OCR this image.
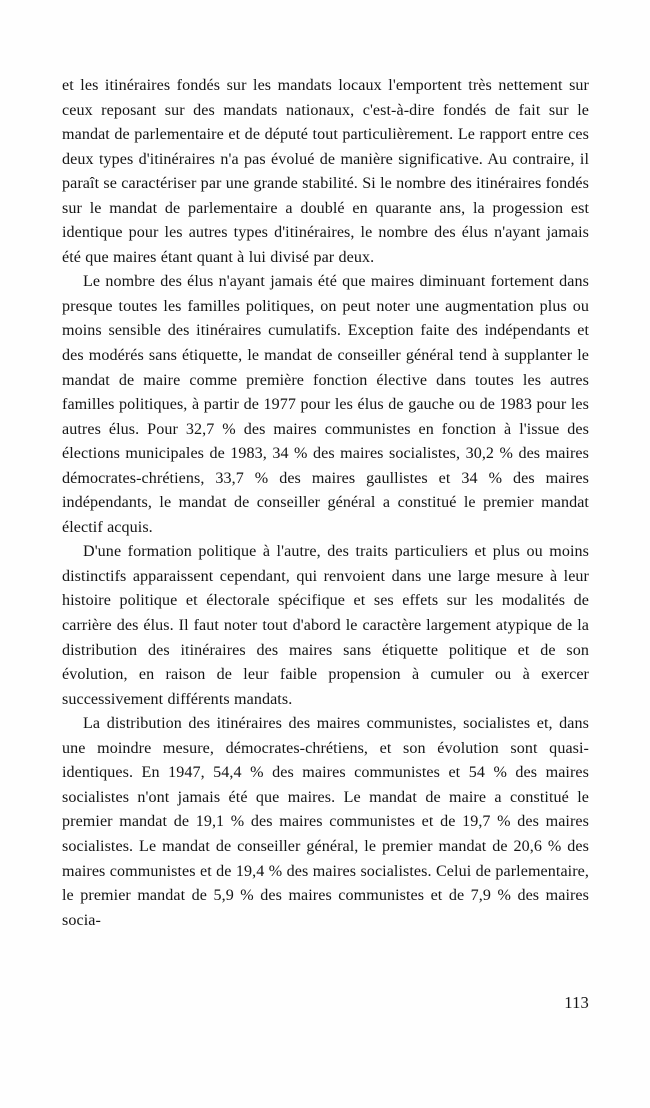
et les itinéraires fondés sur les mandats locaux l'emportent très nettement sur ceux reposant sur des mandats nationaux, c'est-à-dire fondés de fait sur le mandat de parlementaire et de député tout particulièrement. Le rapport entre ces deux types d'itinéraires n'a pas évolué de manière significative. Au contraire, il paraît se caractériser par une grande stabilité. Si le nombre des itinéraires fondés sur le mandat de parlementaire a doublé en quarante ans, la progession est identique pour les autres types d'itinéraires, le nombre des élus n'ayant jamais été que maires étant quant à lui divisé par deux.

Le nombre des élus n'ayant jamais été que maires diminuant fortement dans presque toutes les familles politiques, on peut noter une augmentation plus ou moins sensible des itinéraires cumulatifs. Exception faite des indépendants et des modérés sans étiquette, le mandat de conseiller général tend à supplanter le mandat de maire comme première fonction élective dans toutes les autres familles politiques, à partir de 1977 pour les élus de gauche ou de 1983 pour les autres élus. Pour 32,7 % des maires communistes en fonction à l'issue des élections municipales de 1983, 34 % des maires socialistes, 30,2 % des maires démocrates-chrétiens, 33,7 % des maires gaullistes et 34 % des maires indépendants, le mandat de conseiller général a constitué le premier mandat électif acquis.

D'une formation politique à l'autre, des traits particuliers et plus ou moins distinctifs apparaissent cependant, qui renvoient dans une large mesure à leur histoire politique et électorale spécifique et ses effets sur les modalités de carrière des élus. Il faut noter tout d'abord le caractère largement atypique de la distribution des itinéraires des maires sans étiquette politique et de son évolution, en raison de leur faible propension à cumuler ou à exercer successivement différents mandats.

La distribution des itinéraires des maires communistes, socialistes et, dans une moindre mesure, démocrates-chrétiens, et son évolution sont quasi-identiques. En 1947, 54,4 % des maires communistes et 54 % des maires socialistes n'ont jamais été que maires. Le mandat de maire a constitué le premier mandat de 19,1 % des maires communistes et de 19,7 % des maires socialistes. Le mandat de conseiller général, le premier mandat de 20,6 % des maires communistes et de 19,4 % des maires socialistes. Celui de parlementaire, le premier mandat de 5,9 % des maires communistes et de 7,9 % des maires socia-

113
